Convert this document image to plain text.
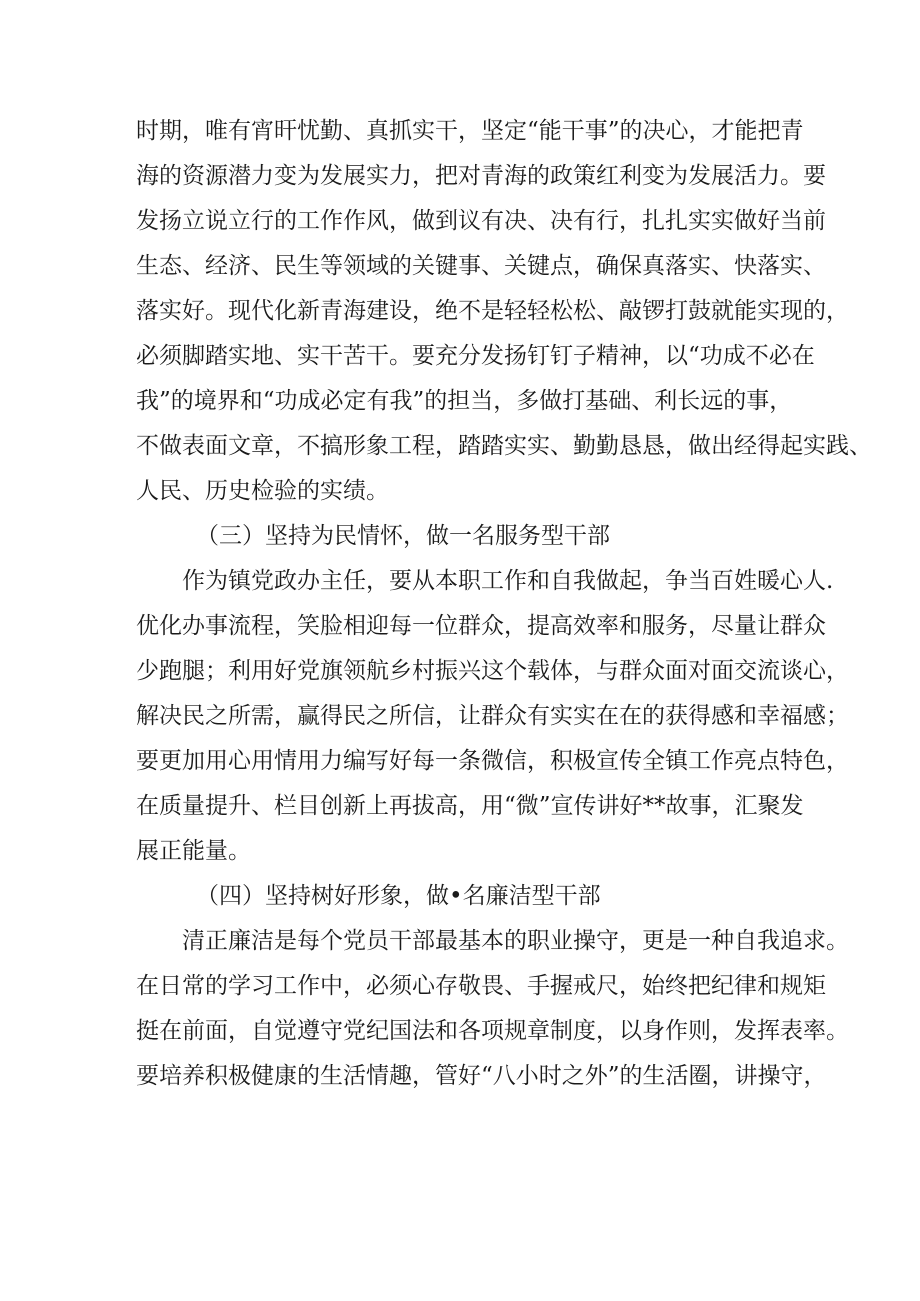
时期，唯有宵旰忧勤、真抓实干，坚定“能干事”的决心，才能把青
海的资源潜力变为发展实力，把对青海的政策红利变为发展活力。要
发扬立说立行的工作作风，做到议有决、决有行，扎扎实实做好当前
生态、经济、民生等领域的关键事、关键点，确保真落实、快落实、
落实好。现代化新青海建设，绝不是轻轻松松、敲锣打鼓就能实现的，
必须脚踏实地、实干苦干。要充分发扬钉钉子精神，以“功成不必在
我”的境界和“功成必定有我”的担当，多做打基础、利长远的事，
不做表面文章，不搞形象工程，踏踏实实、勤勤恳恳，做出经得起实践、
人民、历史检验的实绩。
（三）坚持为民情怀，做一名服务型干部
作为镇党政办主任，要从本职工作和自我做起，争当百姓暖心人.
优化办事流程，笑脸相迎每一位群众，提高效率和服务，尽量让群众
少跑腿；利用好党旗领航乡村振兴这个载体，与群众面对面交流谈心，
解决民之所需，赢得民之所信，让群众有实实在在的获得感和幸福感；
要更加用心用情用力编写好每一条微信，积极宣传全镇工作亮点特色，
在质量提升、栏目创新上再拔高，用“微”宣传讲好**故事，汇聚发
展正能量。
（四）坚持树好形象，做•名廉洁型干部
清正廉洁是每个党员干部最基本的职业操守，更是一种自我追求。
在日常的学习工作中，必须心存敬畏、手握戒尺，始终把纪律和规矩
挺在前面，自觉遵守党纪国法和各项规章制度，以身作则，发挥表率。
要培养积极健康的生活情趣，管好“八小时之外”的生活圈，讲操守，
